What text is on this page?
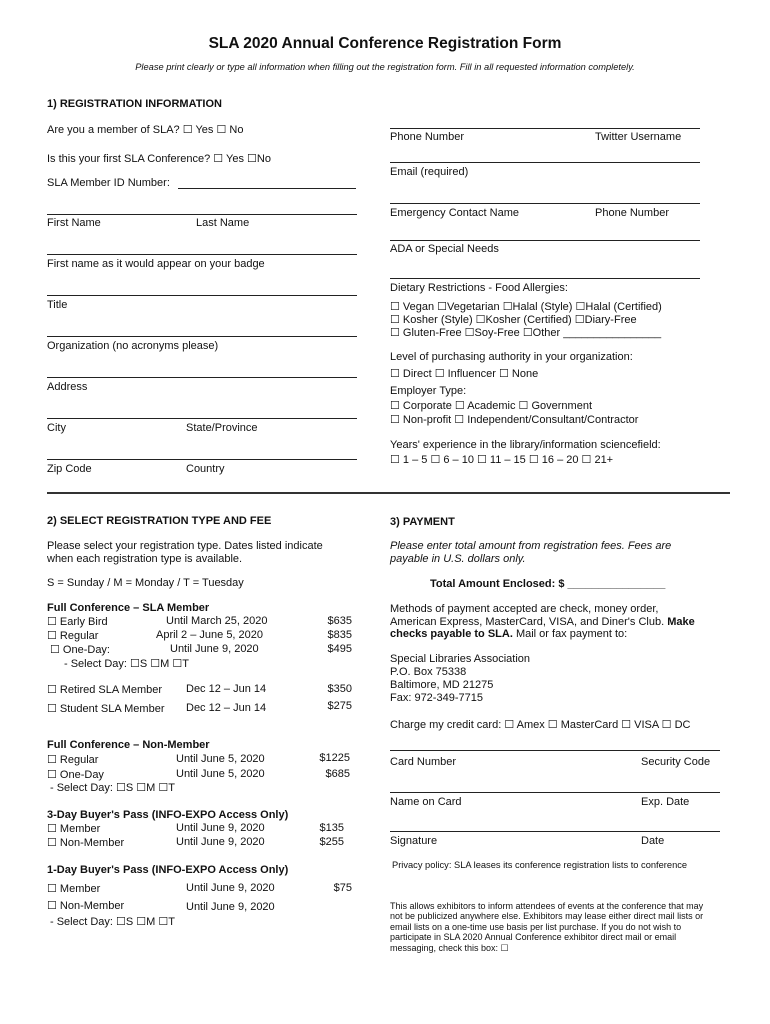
SLA 2020 Annual Conference Registration Form
Please print clearly or type all information when filling out the registration form. Fill in all requested information completely.
1) REGISTRATION INFORMATION
Are you a member of SLA? ☐ Yes ☐ No
Is this your first SLA Conference? ☐ Yes ☐No
SLA Member ID Number:
First Name	Last Name
First name as it would appear on your badge
Title
Organization (no acronyms please)
Address
City	State/Province
Zip Code	Country
Phone Number	Twitter Username
Email (required)
Emergency Contact Name	Phone Number
ADA or Special Needs
Dietary Restrictions - Food Allergies:
☐ Vegan ☐Vegetarian ☐Halal (Style) ☐Halal (Certified)
☐ Kosher (Style) ☐Kosher (Certified) ☐Diary-Free
☐ Gluten-Free ☐Soy-Free ☐Other ________________
Level of purchasing authority in your organization:
☐ Direct ☐ Influencer ☐ None
Employer Type:
☐ Corporate ☐ Academic ☐ Government
☐ Non-profit ☐ Independent/Consultant/Contractor
Years' experience in the library/information sciencefield:
☐ 1 – 5 ☐ 6 – 10 ☐ 11 – 15 ☐ 16 – 20 ☐ 21+
2) SELECT REGISTRATION TYPE AND FEE
Please select your registration type. Dates listed indicate when each registration type is available.
S = Sunday / M = Monday / T = Tuesday
Full Conference – SLA Member
☐ Early Bird	Until March 25, 2020	$635
☐ Regular	April 2 – June 5, 2020	$835
☐ One-Day:	Until June 9, 2020	$495
- Select Day: ☐S ☐M ☐T
☐ Retired SLA Member Dec 12 – Jun 14	$350
☐ Student SLA Member Dec 12 – Jun 14	$275
Full Conference – Non-Member
☐ Regular	Until June 5, 2020	$1225
☐ One-Day	Until June 5, 2020	$685
- Select Day: ☐S ☐M ☐T
3-Day Buyer's Pass (INFO-EXPO Access Only)
☐ Member	Until June 9, 2020	$135
☐ Non-Member	Until June 9, 2020	$255
1-Day Buyer's Pass (INFO-EXPO Access Only)
☐ Member	Until June 9, 2020	$75
☐ Non-Member	Until June 9, 2020
- Select Day: ☐S ☐M ☐T
3) PAYMENT
Please enter total amount from registration fees. Fees are payable in U.S. dollars only.
Total Amount Enclosed: $ ________________
Methods of payment accepted are check, money order, American Express, MasterCard, VISA, and Diner's Club. Make checks payable to SLA. Mail or fax payment to:
Special Libraries Association
P.O. Box 75338
Baltimore, MD 21275
Fax: 972-349-7715
Charge my credit card: ☐ Amex ☐ MasterCard ☐ VISA ☐ DC
Card Number	Security Code
Name on Card	Exp. Date
Signature	Date
Privacy policy: SLA leases its conference registration lists to conference
This allows exhibitors to inform attendees of events at the conference that may not be publicized anywhere else. Exhibitors may lease either direct mail lists or email lists on a one-time use basis per list purchase. If you do not wish to participate in SLA 2020 Annual Conference exhibitor direct mail or email messaging, check this box: ☐
